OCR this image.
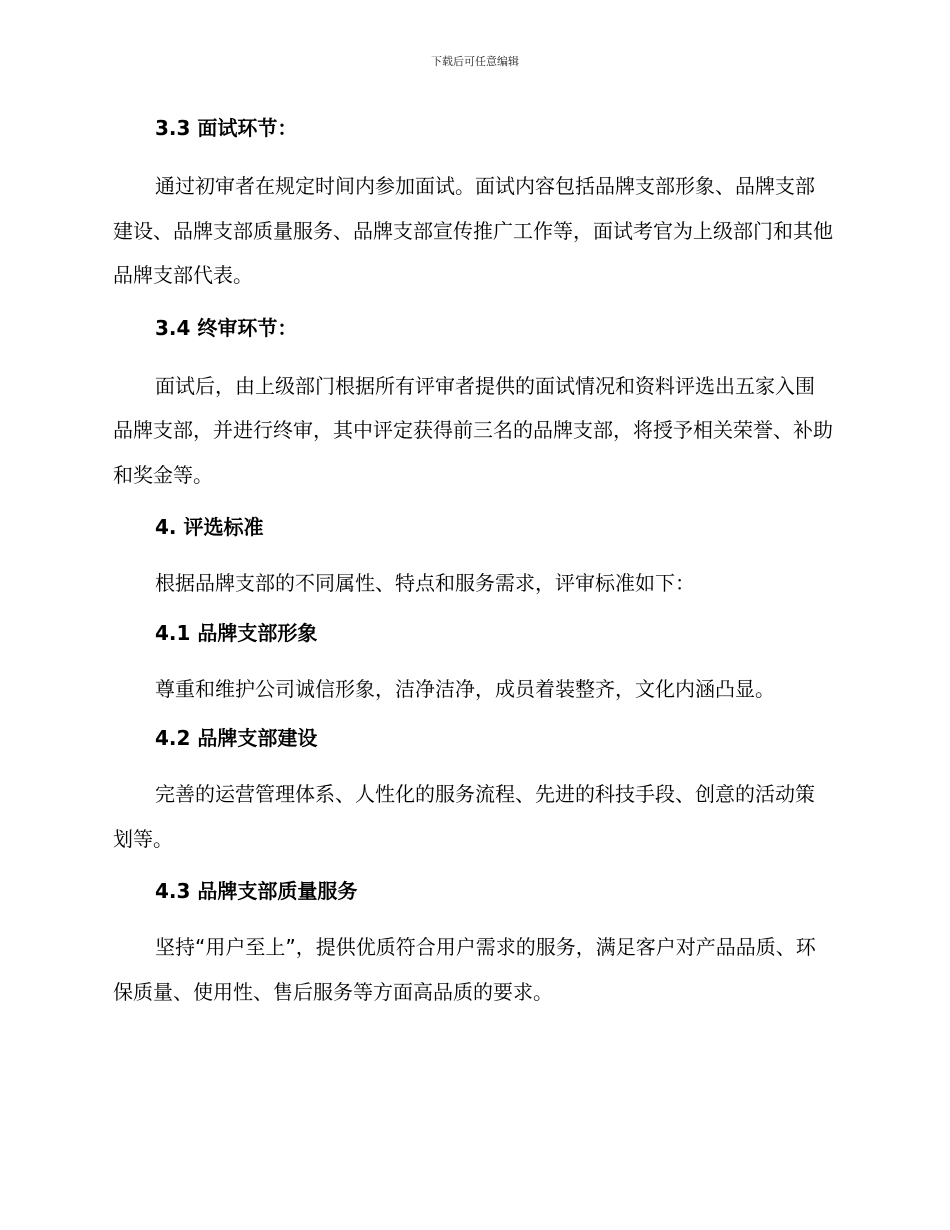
下载后可任意编辑

3.3 面试环节：

通过初审者在规定时间内参加面试。面试内容包括品牌支部形象、品牌支部建设、品牌支部质量服务、品牌支部宣传推广工作等，面试考官为上级部门和其他品牌支部代表。

3.4 终审环节：

面试后，由上级部门根据所有评审者提供的面试情况和资料评选出五家入围品牌支部，并进行终审，其中评定获得前三名的品牌支部，将授予相关荣誉、补助和奖金等。

4. 评选标准

根据品牌支部的不同属性、特点和服务需求，评审标准如下：

4.1 品牌支部形象

尊重和维护公司诚信形象，洁净洁净，成员着装整齐，文化内涵凸显。

4.2 品牌支部建设

完善的运营管理体系、人性化的服务流程、先进的科技手段、创意的活动策划等。

4.3 品牌支部质量服务

坚持“用户至上”，提供优质符合用户需求的服务，满足客户对产品品质、环保质量、使用性、售后服务等方面高品质的要求。
